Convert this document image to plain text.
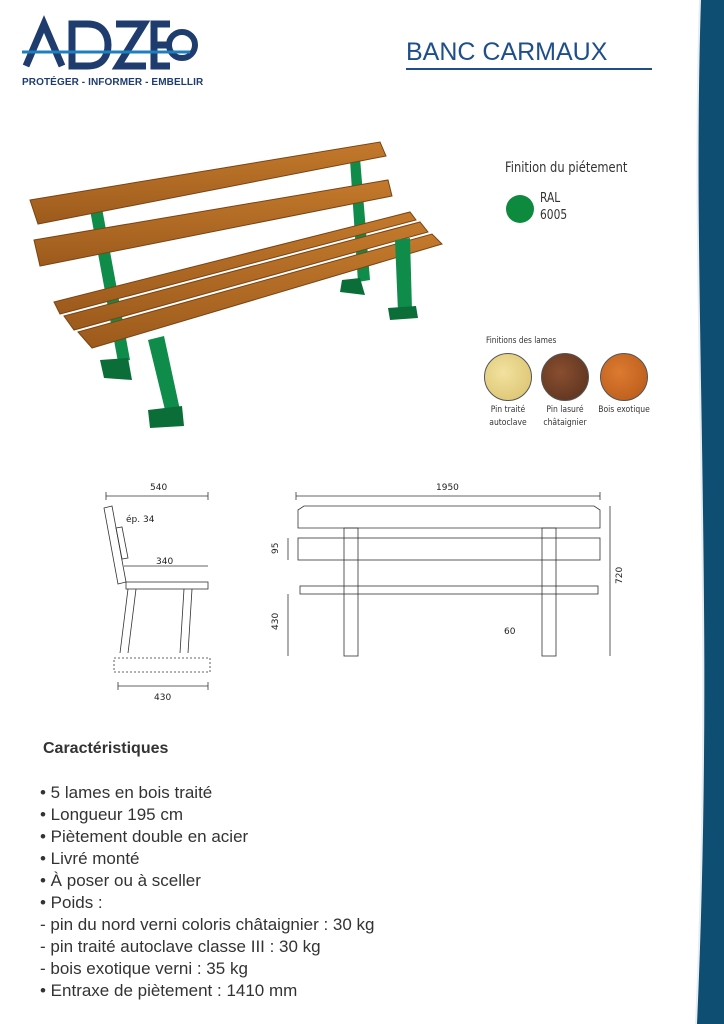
ADZEO
PROTÉGER - INFORMER - EMBELLIR
BANC CARMAUX
Finition du piétement
RAL
6005
Finitions des lames
Pin traité
autoclave
Pin lasuré
châtaignier
Bois exotique
540
ép. 34
340
430
1950
95
430
720
60
Caractéristiques
• 5 lames en bois traité
• Longueur 195 cm
• Piètement double en acier
• Livré monté
• À poser ou à sceller
• Poids :
- pin du nord verni coloris châtaignier : 30 kg
- pin traité autoclave classe III : 30 kg
- bois exotique verni : 35 kg
• Entraxe de piètement : 1410 mm
